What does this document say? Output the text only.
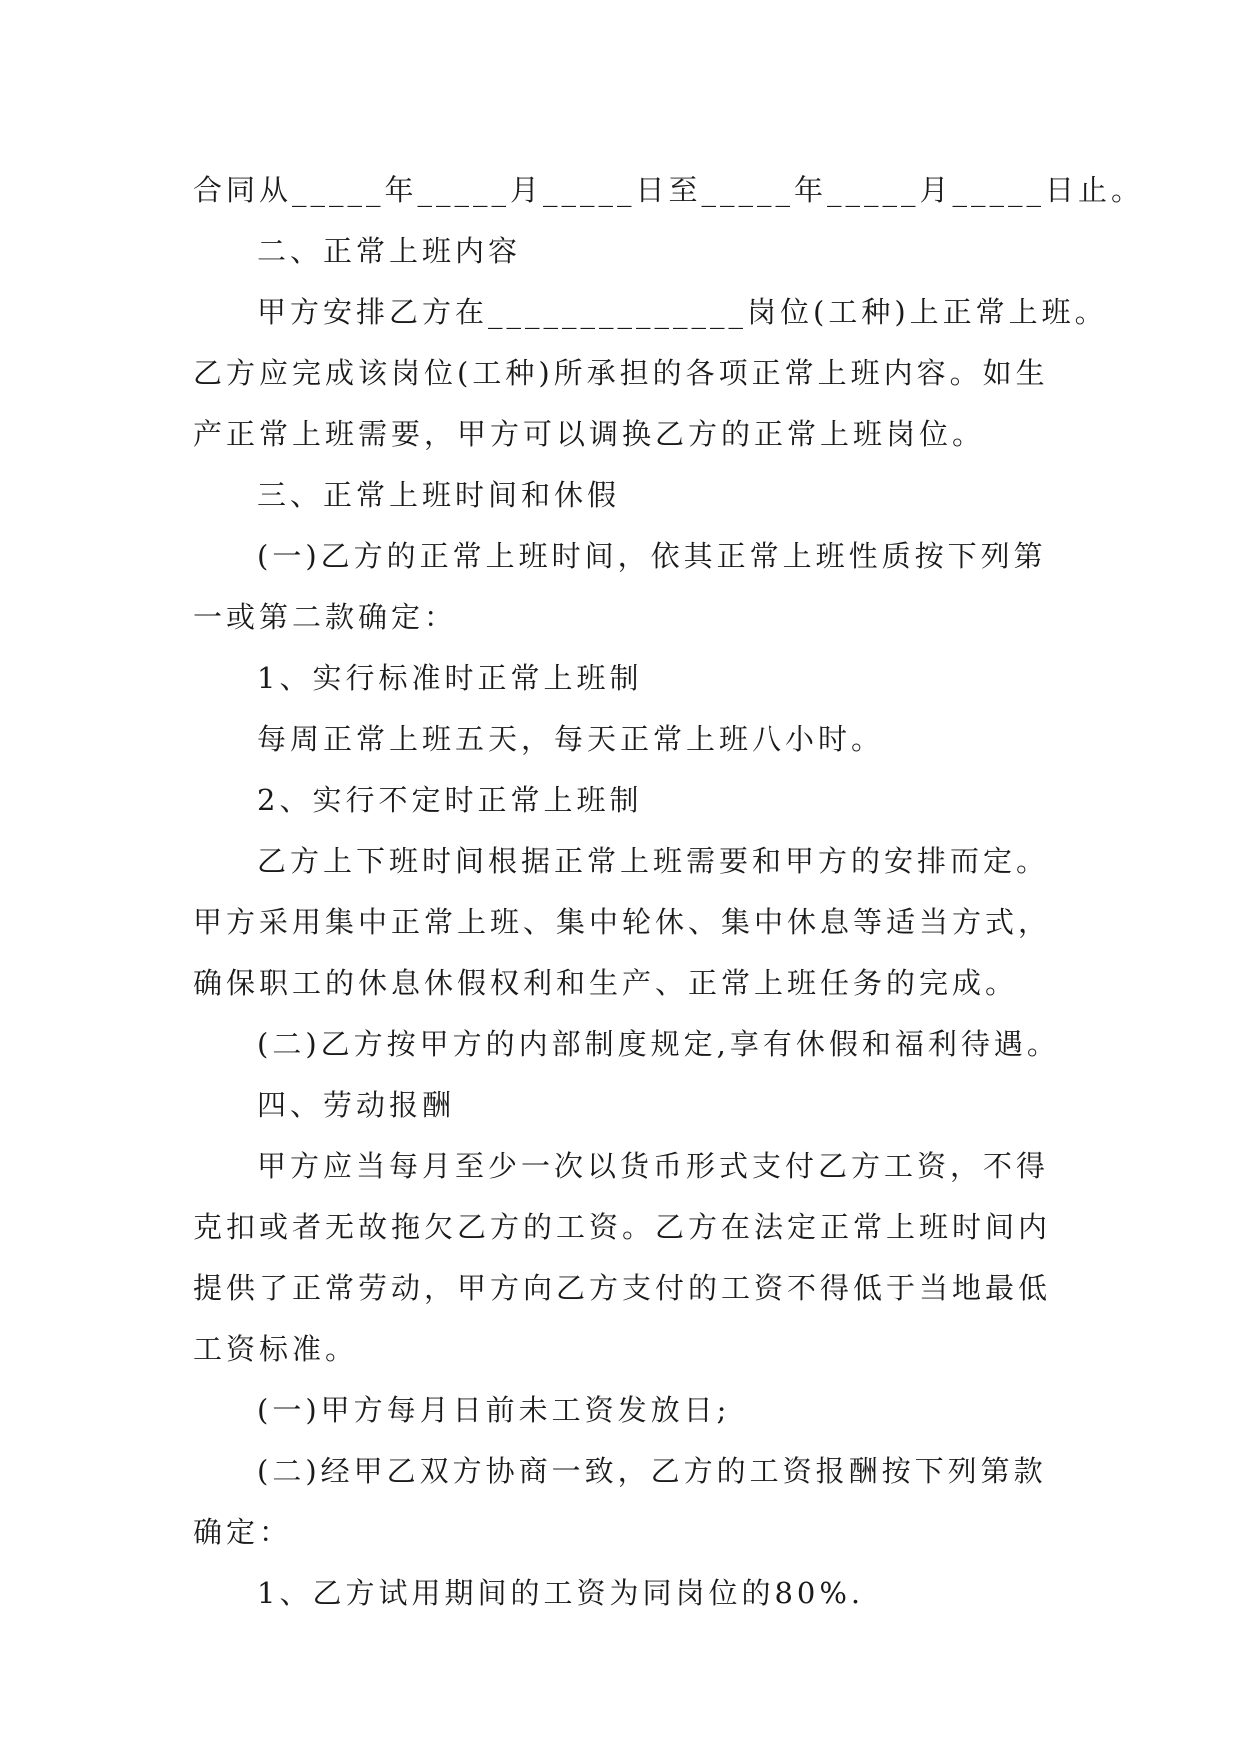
合同从_____年_____月_____日至_____年_____月_____日止。
二、正常上班内容
甲方安排乙方在______________岗位(工种)上正常上班。
乙方应完成该岗位(工种)所承担的各项正常上班内容。如生
产正常上班需要，甲方可以调换乙方的正常上班岗位。
三、正常上班时间和休假
(一)乙方的正常上班时间，依其正常上班性质按下列第
一或第二款确定：
1、实行标准时正常上班制
每周正常上班五天，每天正常上班八小时。
2、实行不定时正常上班制
乙方上下班时间根据正常上班需要和甲方的安排而定。
甲方采用集中正常上班、集中轮休、集中休息等适当方式，
确保职工的休息休假权利和生产、正常上班任务的完成。
(二)乙方按甲方的内部制度规定,享有休假和福利待遇。
四、劳动报酬
甲方应当每月至少一次以货币形式支付乙方工资，不得
克扣或者无故拖欠乙方的工资。乙方在法定正常上班时间内
提供了正常劳动，甲方向乙方支付的工资不得低于当地最低
工资标准。
(一)甲方每月日前未工资发放日;
(二)经甲乙双方协商一致，乙方的工资报酬按下列第款
确定：
1、乙方试用期间的工资为同岗位的80%.
